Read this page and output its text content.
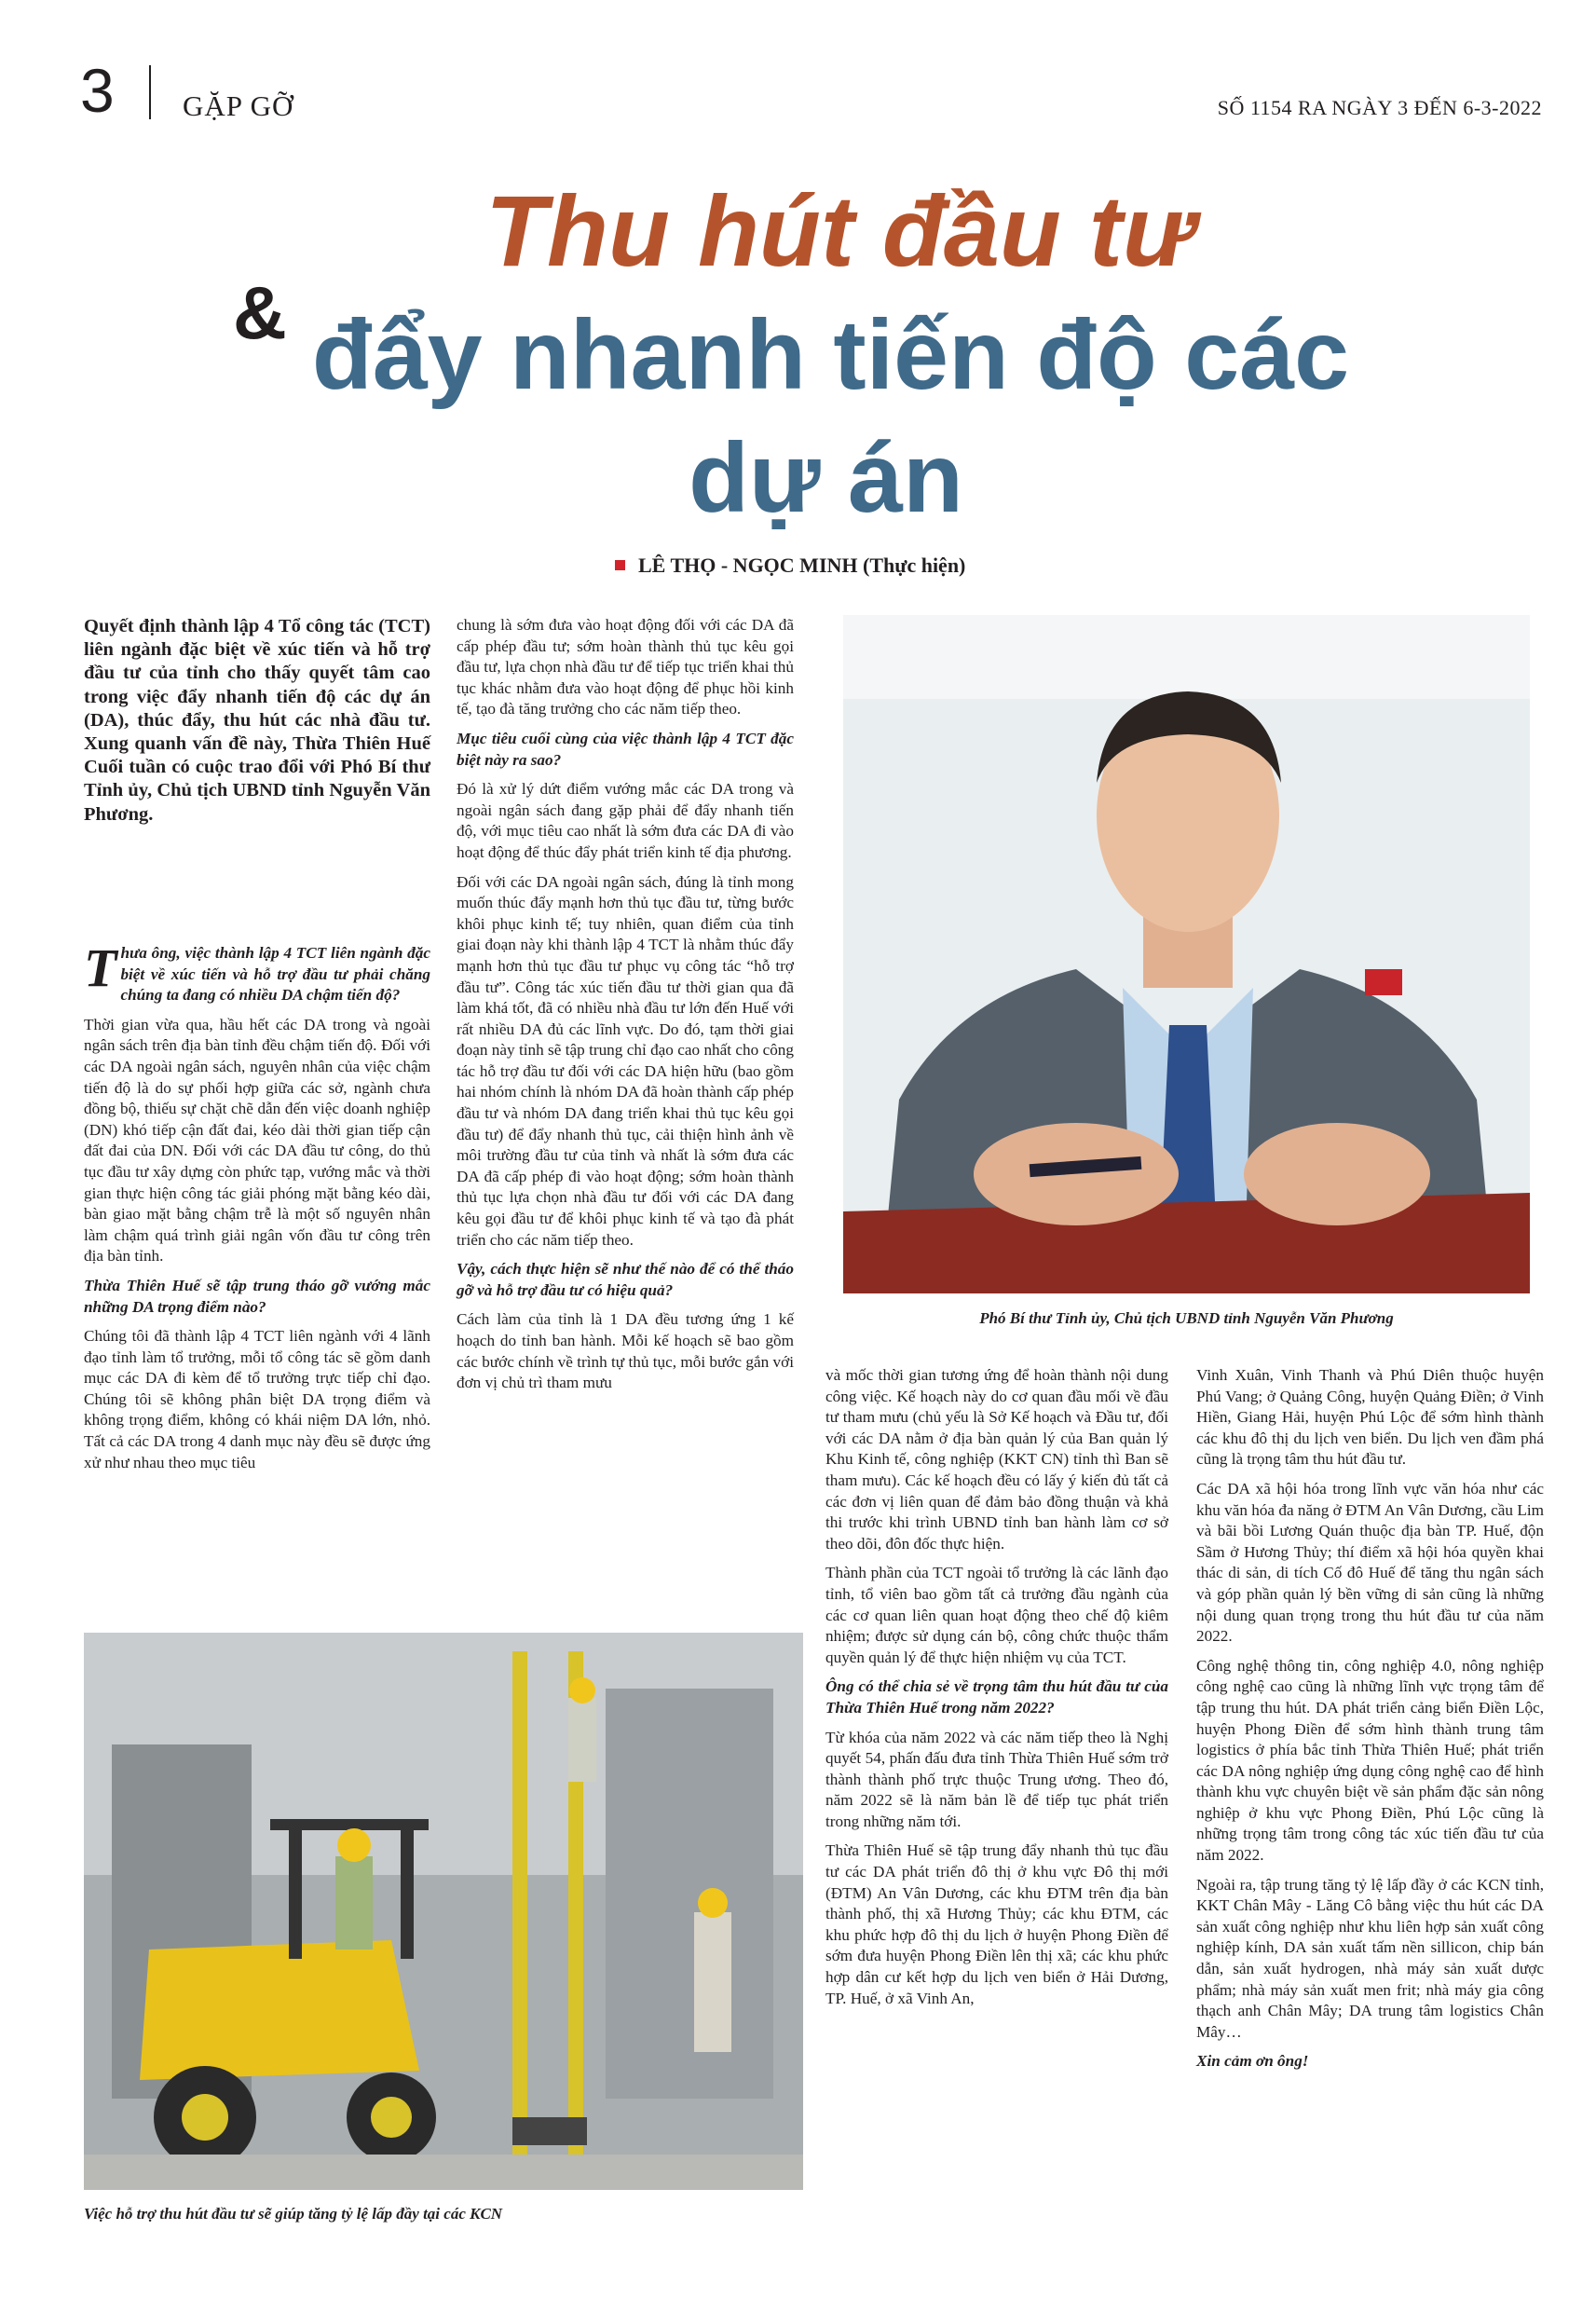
3 GẶP GỠ	SỐ 1154 RA NGÀY 3 ĐẾN 6-3-2022
Thu hút đầu tư
& đẩy nhanh tiến độ các
dự án
LÊ THỌ - NGỌC MINH (Thực hiện)
Quyết định thành lập 4 Tổ công tác (TCT) liên ngành đặc biệt về xúc tiến và hỗ trợ đầu tư của tỉnh cho thấy quyết tâm cao trong việc đẩy nhanh tiến độ các dự án (DA), thúc đẩy, thu hút các nhà đầu tư. Xung quanh vấn đề này, Thừa Thiên Huế Cuối tuần có cuộc trao đổi với Phó Bí thư Tỉnh ủy, Chủ tịch UBND tỉnh Nguyễn Văn Phương.

Thưa ông, việc thành lập 4 TCT liên ngành đặc biệt về xúc tiến và hỗ trợ đầu tư phải chăng chúng ta đang có nhiều DA chậm tiến độ?

Thời gian vừa qua, hầu hết các DA trong và ngoài ngân sách trên địa bàn tỉnh đều chậm tiến độ. Đối với các DA ngoài ngân sách, nguyên nhân của việc chậm tiến độ là do sự phối hợp giữa các sở, ngành chưa đồng bộ, thiếu sự chặt chẽ dẫn đến việc doanh nghiệp (DN) khó tiếp cận đất đai, kéo dài thời gian tiếp cận đất đai của DN. Đối với các DA đầu tư công, do thủ tục đầu tư xây dựng còn phức tạp, vướng mắc và thời gian thực hiện công tác giải phóng mặt bằng kéo dài, bàn giao mặt bằng chậm trễ là một số nguyên nhân làm chậm quá trình giải ngân vốn đầu tư công trên địa bàn tỉnh.

Thừa Thiên Huế sẽ tập trung tháo gỡ vướng mắc những DA trọng điểm nào?

Chúng tôi đã thành lập 4 TCT liên ngành với 4 lãnh đạo tỉnh làm tổ trưởng, mỗi tổ công tác sẽ gồm danh mục các DA đi kèm để tổ trưởng trực tiếp chỉ đạo. Chúng tôi sẽ không phân biệt DA trọng điểm và không trọng điểm, không có khái niệm DA lớn, nhỏ. Tất cả các DA trong 4 danh mục này đều sẽ được ứng xử như nhau theo mục tiêu

chung là sớm đưa vào hoạt động đối với các DA đã cấp phép đầu tư; sớm hoàn thành thủ tục kêu gọi đầu tư, lựa chọn nhà đầu tư để tiếp tục triển khai thủ tục khác nhằm đưa vào hoạt động để phục hồi kinh tế, tạo đà tăng trưởng cho các năm tiếp theo.

Mục tiêu cuối cùng của việc thành lập 4 TCT đặc biệt này ra sao?

Đó là xử lý dứt điểm vướng mắc các DA trong và ngoài ngân sách đang gặp phải để đẩy nhanh tiến độ, với mục tiêu cao nhất là sớm đưa các DA đi vào hoạt động để thúc đẩy phát triển kinh tế địa phương.

Đối với các DA ngoài ngân sách, đúng là tỉnh mong muốn thúc đẩy mạnh hơn thủ tục đầu tư, từng bước khôi phục kinh tế; tuy nhiên, quan điểm của tỉnh giai đoạn này khi thành lập 4 TCT là nhằm thúc đẩy mạnh hơn thủ tục đầu tư phục vụ công tác “hỗ trợ đầu tư”. Công tác xúc tiến đầu tư thời gian qua đã làm khá tốt, đã có nhiều nhà đầu tư lớn đến Huế với rất nhiều DA đủ các lĩnh vực. Do đó, tạm thời giai đoạn này tỉnh sẽ tập trung chỉ đạo cao nhất cho công tác hỗ trợ đầu tư đối với các DA hiện hữu (bao gồm hai nhóm chính là nhóm DA đã hoàn thành cấp phép đầu tư và nhóm DA đang triển khai thủ tục kêu gọi đầu tư) để đẩy nhanh thủ tục, cải thiện hình ảnh về môi trường đầu tư của tỉnh và nhất là sớm đưa các DA đã cấp phép đi vào hoạt động; sớm hoàn thành thủ tục lựa chọn nhà đầu tư đối với các DA đang kêu gọi đầu tư để khôi phục kinh tế và tạo đà phát triển cho các năm tiếp theo.

Vậy, cách thực hiện sẽ như thế nào để có thể tháo gỡ và hỗ trợ đầu tư có hiệu quả?

Cách làm của tỉnh là 1 DA đều tương ứng 1 kế hoạch do tỉnh ban hành. Mỗi kế hoạch sẽ bao gồm các bước chính về trình tự thủ tục, mỗi bước gắn với đơn vị chủ trì tham mưu

Phó Bí thư Tỉnh ủy, Chủ tịch UBND tỉnh Nguyễn Văn Phương
Việc hỗ trợ thu hút đầu tư sẽ giúp tăng tỷ lệ lấp đầy tại các KCN

và mốc thời gian tương ứng để hoàn thành nội dung công việc. Kế hoạch này do cơ quan đầu mối về đầu tư tham mưu (chủ yếu là Sở Kế hoạch và Đầu tư, đối với các DA nằm ở địa bàn quản lý của Ban quản lý Khu Kinh tế, công nghiệp (KKT CN) tỉnh thì Ban sẽ tham mưu). Các kế hoạch đều có lấy ý kiến đủ tất cả các đơn vị liên quan để đảm bảo đồng thuận và khả thi trước khi trình UBND tỉnh ban hành làm cơ sở theo dõi, đôn đốc thực hiện.

Thành phần của TCT ngoài tổ trưởng là các lãnh đạo tỉnh, tổ viên bao gồm tất cả trưởng đầu ngành của các cơ quan liên quan hoạt động theo chế độ kiêm nhiệm; được sử dụng cán bộ, công chức thuộc thẩm quyền quản lý để thực hiện nhiệm vụ của TCT.

Ông có thể chia sẻ về trọng tâm thu hút đầu tư của Thừa Thiên Huế trong năm 2022?

Từ khóa của năm 2022 và các năm tiếp theo là Nghị quyết 54, phấn đấu đưa tỉnh Thừa Thiên Huế sớm trở thành thành phố trực thuộc Trung ương. Theo đó, năm 2022 sẽ là năm bản lề để tiếp tục phát triển trong những năm tới.

Thừa Thiên Huế sẽ tập trung đẩy nhanh thủ tục đầu tư các DA phát triển đô thị ở khu vực Đô thị mới (ĐTM) An Vân Dương, các khu ĐTM trên địa bàn thành phố, thị xã Hương Thủy; các khu ĐTM, các khu phức hợp đô thị du lịch ở huyện Phong Điền để sớm đưa huyện Phong Điền lên thị xã; các khu phức hợp dân cư kết hợp du lịch ven biển ở Hải Dương, TP. Huế, ở xã Vinh An,

Vinh Xuân, Vinh Thanh và Phú Diên thuộc huyện Phú Vang; ở Quảng Công, huyện Quảng Điền; ở Vinh Hiền, Giang Hải, huyện Phú Lộc để sớm hình thành các khu đô thị du lịch ven biển. Du lịch ven đầm phá cũng là trọng tâm thu hút đầu tư.

Các DA xã hội hóa trong lĩnh vực văn hóa như các khu văn hóa đa năng ở ĐTM An Vân Dương, cầu Lim và bãi bồi Lương Quán thuộc địa bàn TP. Huế, độn Sầm ở Hương Thủy; thí điểm xã hội hóa quyền khai thác di sản, di tích Cố đô Huế để tăng thu ngân sách và góp phần quản lý bền vững di sản cũng là những nội dung quan trọng trong thu hút đầu tư của năm 2022.

Công nghệ thông tin, công nghiệp 4.0, nông nghiệp công nghệ cao cũng là những lĩnh vực trọng tâm để tập trung thu hút. DA phát triển cảng biển Điền Lộc, huyện Phong Điền để sớm hình thành trung tâm logistics ở phía bắc tỉnh Thừa Thiên Huế; phát triển các DA nông nghiệp ứng dụng công nghệ cao để hình thành khu vực chuyên biệt về sản phẩm đặc sản nông nghiệp ở khu vực Phong Điền, Phú Lộc cũng là những trọng tâm trong công tác xúc tiến đầu tư của năm 2022.

Ngoài ra, tập trung tăng tỷ lệ lấp đầy ở các KCN tỉnh, KKT Chân Mây - Lăng Cô bằng việc thu hút các DA sản xuất công nghiệp như khu liên hợp sản xuất công nghiệp kính, DA sản xuất tấm nền sillicon, chip bán dẫn, sản xuất hydrogen, nhà máy sản xuất dược phẩm; nhà máy sản xuất men frit; nhà máy gia công thạch anh Chân Mây; DA trung tâm logistics Chân Mây…

Xin cảm ơn ông!
